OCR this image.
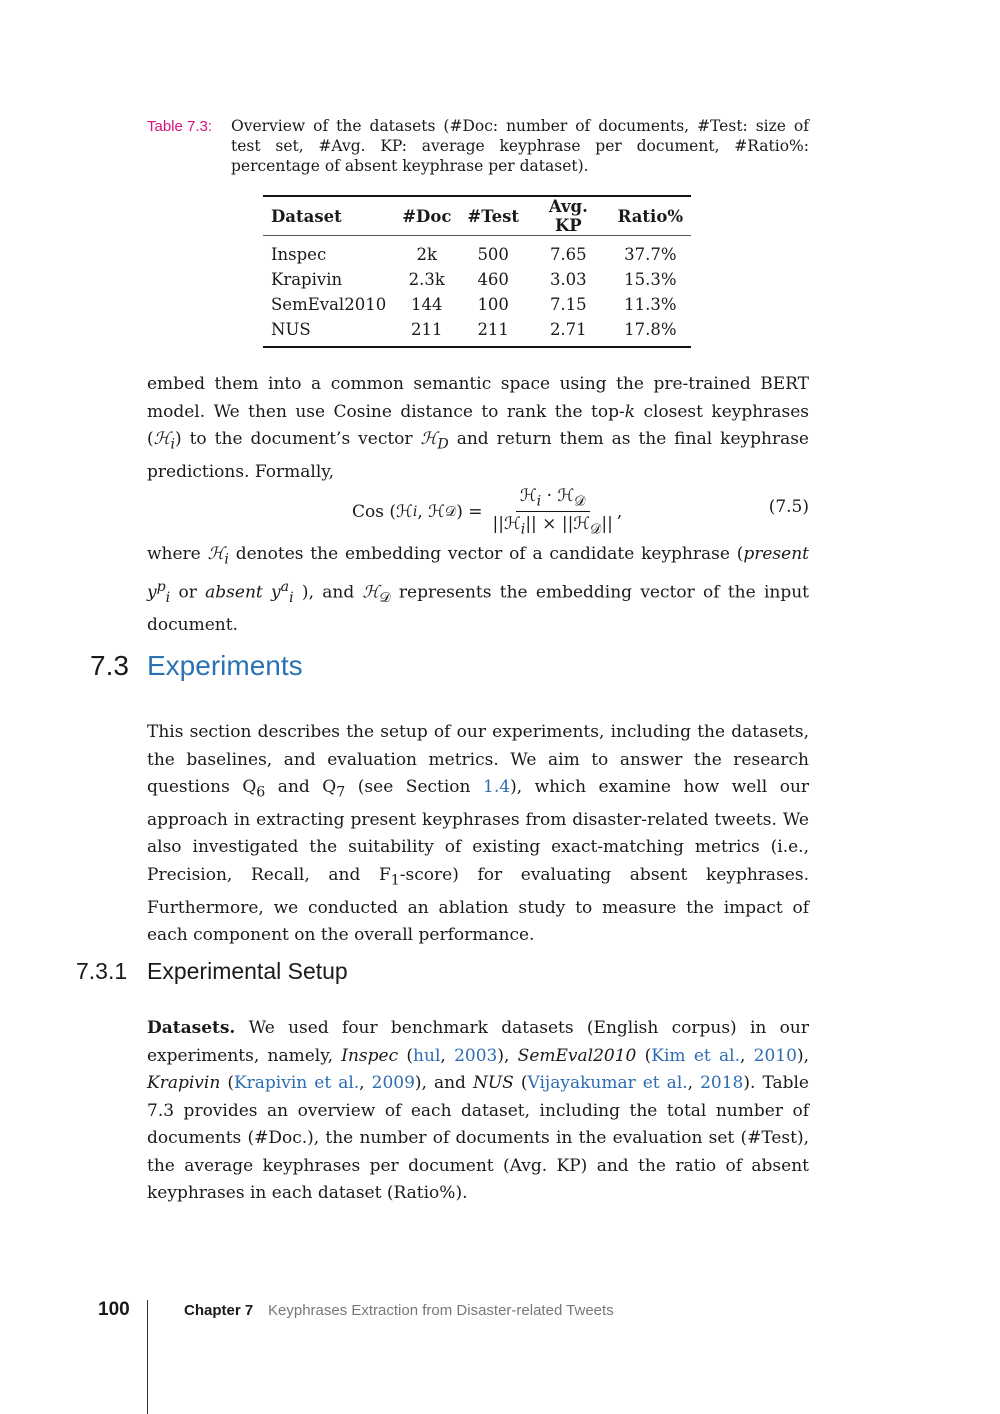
Table 7.3: Overview of the datasets (#Doc: number of documents, #Test: size of test set, #Avg. KP: average keyphrase per document, #Ratio%: percentage of absent keyphrase per dataset).
Dataset	#Doc	#Test	Avg. KP	Ratio%
Inspec	2k	500	7.65	37.7%
Krapivin	2.3k	460	3.03	15.3%
SemEval2010	144	100	7.15	11.3%
NUS	211	211	2.71	17.8%
embed them into a common semantic space using the pre-trained BERT model. We then use Cosine distance to rank the top-k closest keyphrases (ℋ$_i$) to the document’s vector ℋ$_D$ and return them as the final keyphrase predictions. Formally,
Cos (ℋ i , ℋ 𝒟 ) = $\frac{ℋ_i \cdot ℋ_𝒟}{||ℋ_i|| \times ||ℋ_𝒟||}$ ,	(7.5)
where ℋ$_i$ denotes the embedding vector of a candidate keyphrase (present $y^p_i$ or absent $y^a_i$ ), and ℋ$_𝒟$ represents the embedding vector of the input document.
7.3 Experiments
This section describes the setup of our experiments, including the datasets, the baselines, and evaluation metrics. We aim to answer the research questions $Q_6$ and $Q_7$ (see Section 1.4), which examine how well our approach in extracting present keyphrases from disaster-related tweets. We also investigated the suitability of existing exact-matching metrics (i.e., Precision, Recall, and $F_1-score$) for evaluating absent keyphrases. Furthermore, we conducted an ablation study to measure the impact of each component on the overall performance.
7.3.1 Experimental Setup
Datasets. We used four benchmark datasets (English corpus) in our experiments, namely, Inspec (hul, 2003), SemEval2010 (Kim et al., 2010), Krapivin (Krapivin et al., 2009), and NUS (Vijayakumar et al., 2018). Table 7.3 provides an overview of each dataset, including the total number of documents (#Doc.), the number of documents in the evaluation set (#Test), the average keyphrases per document (Avg. KP) and the ratio of absent keyphrases in each dataset (Ratio%).
100	Chapter 7 Keyphrases Extraction from Disaster-related Tweets
